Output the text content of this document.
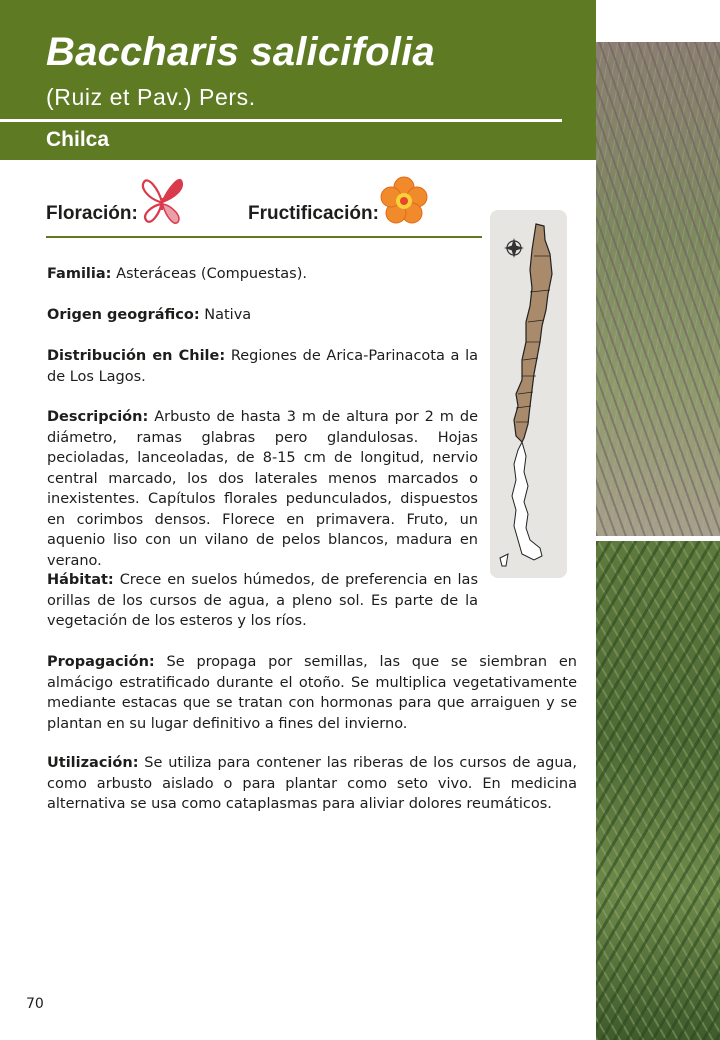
Baccharis salicifolia
(Ruiz et Pav.) Pers.
Chilca
Floración:	Fructificación:
Familia: Asteráceas (Compuestas).
Origen geográfico: Nativa
Distribución en Chile: Regiones de Arica-Parinacota a la de Los Lagos.
Descripción: Arbusto de hasta 3 m de altura por 2 m de diámetro, ramas glabras pero glandulosas. Hojas pecioladas, lanceoladas, de 8-15 cm de longitud, nervio central marcado, los dos laterales menos marcados o inexistentes. Capítulos florales pedunculados, dispuestos en corimbos densos. Florece en primavera. Fruto, un aquenio liso con un vilano de pelos blancos, madura en verano.
Hábitat: Crece en suelos húmedos, de preferencia en las orillas de los cursos de agua, a pleno sol. Es parte de la vegetación de los esteros y los ríos.
Propagación: Se propaga por semillas, las que se siembran en almácigo estratificado durante el otoño. Se multiplica vegetativamente mediante estacas que se tratan con hormonas para que arraiguen y se plantan en su lugar definitivo a fines del invierno.
Utilización: Se utiliza para contener las riberas de los cursos de agua, como arbusto aislado o para plantar como seto vivo. En medicina alternativa se usa como cataplasmas para aliviar dolores reumáticos.
70
